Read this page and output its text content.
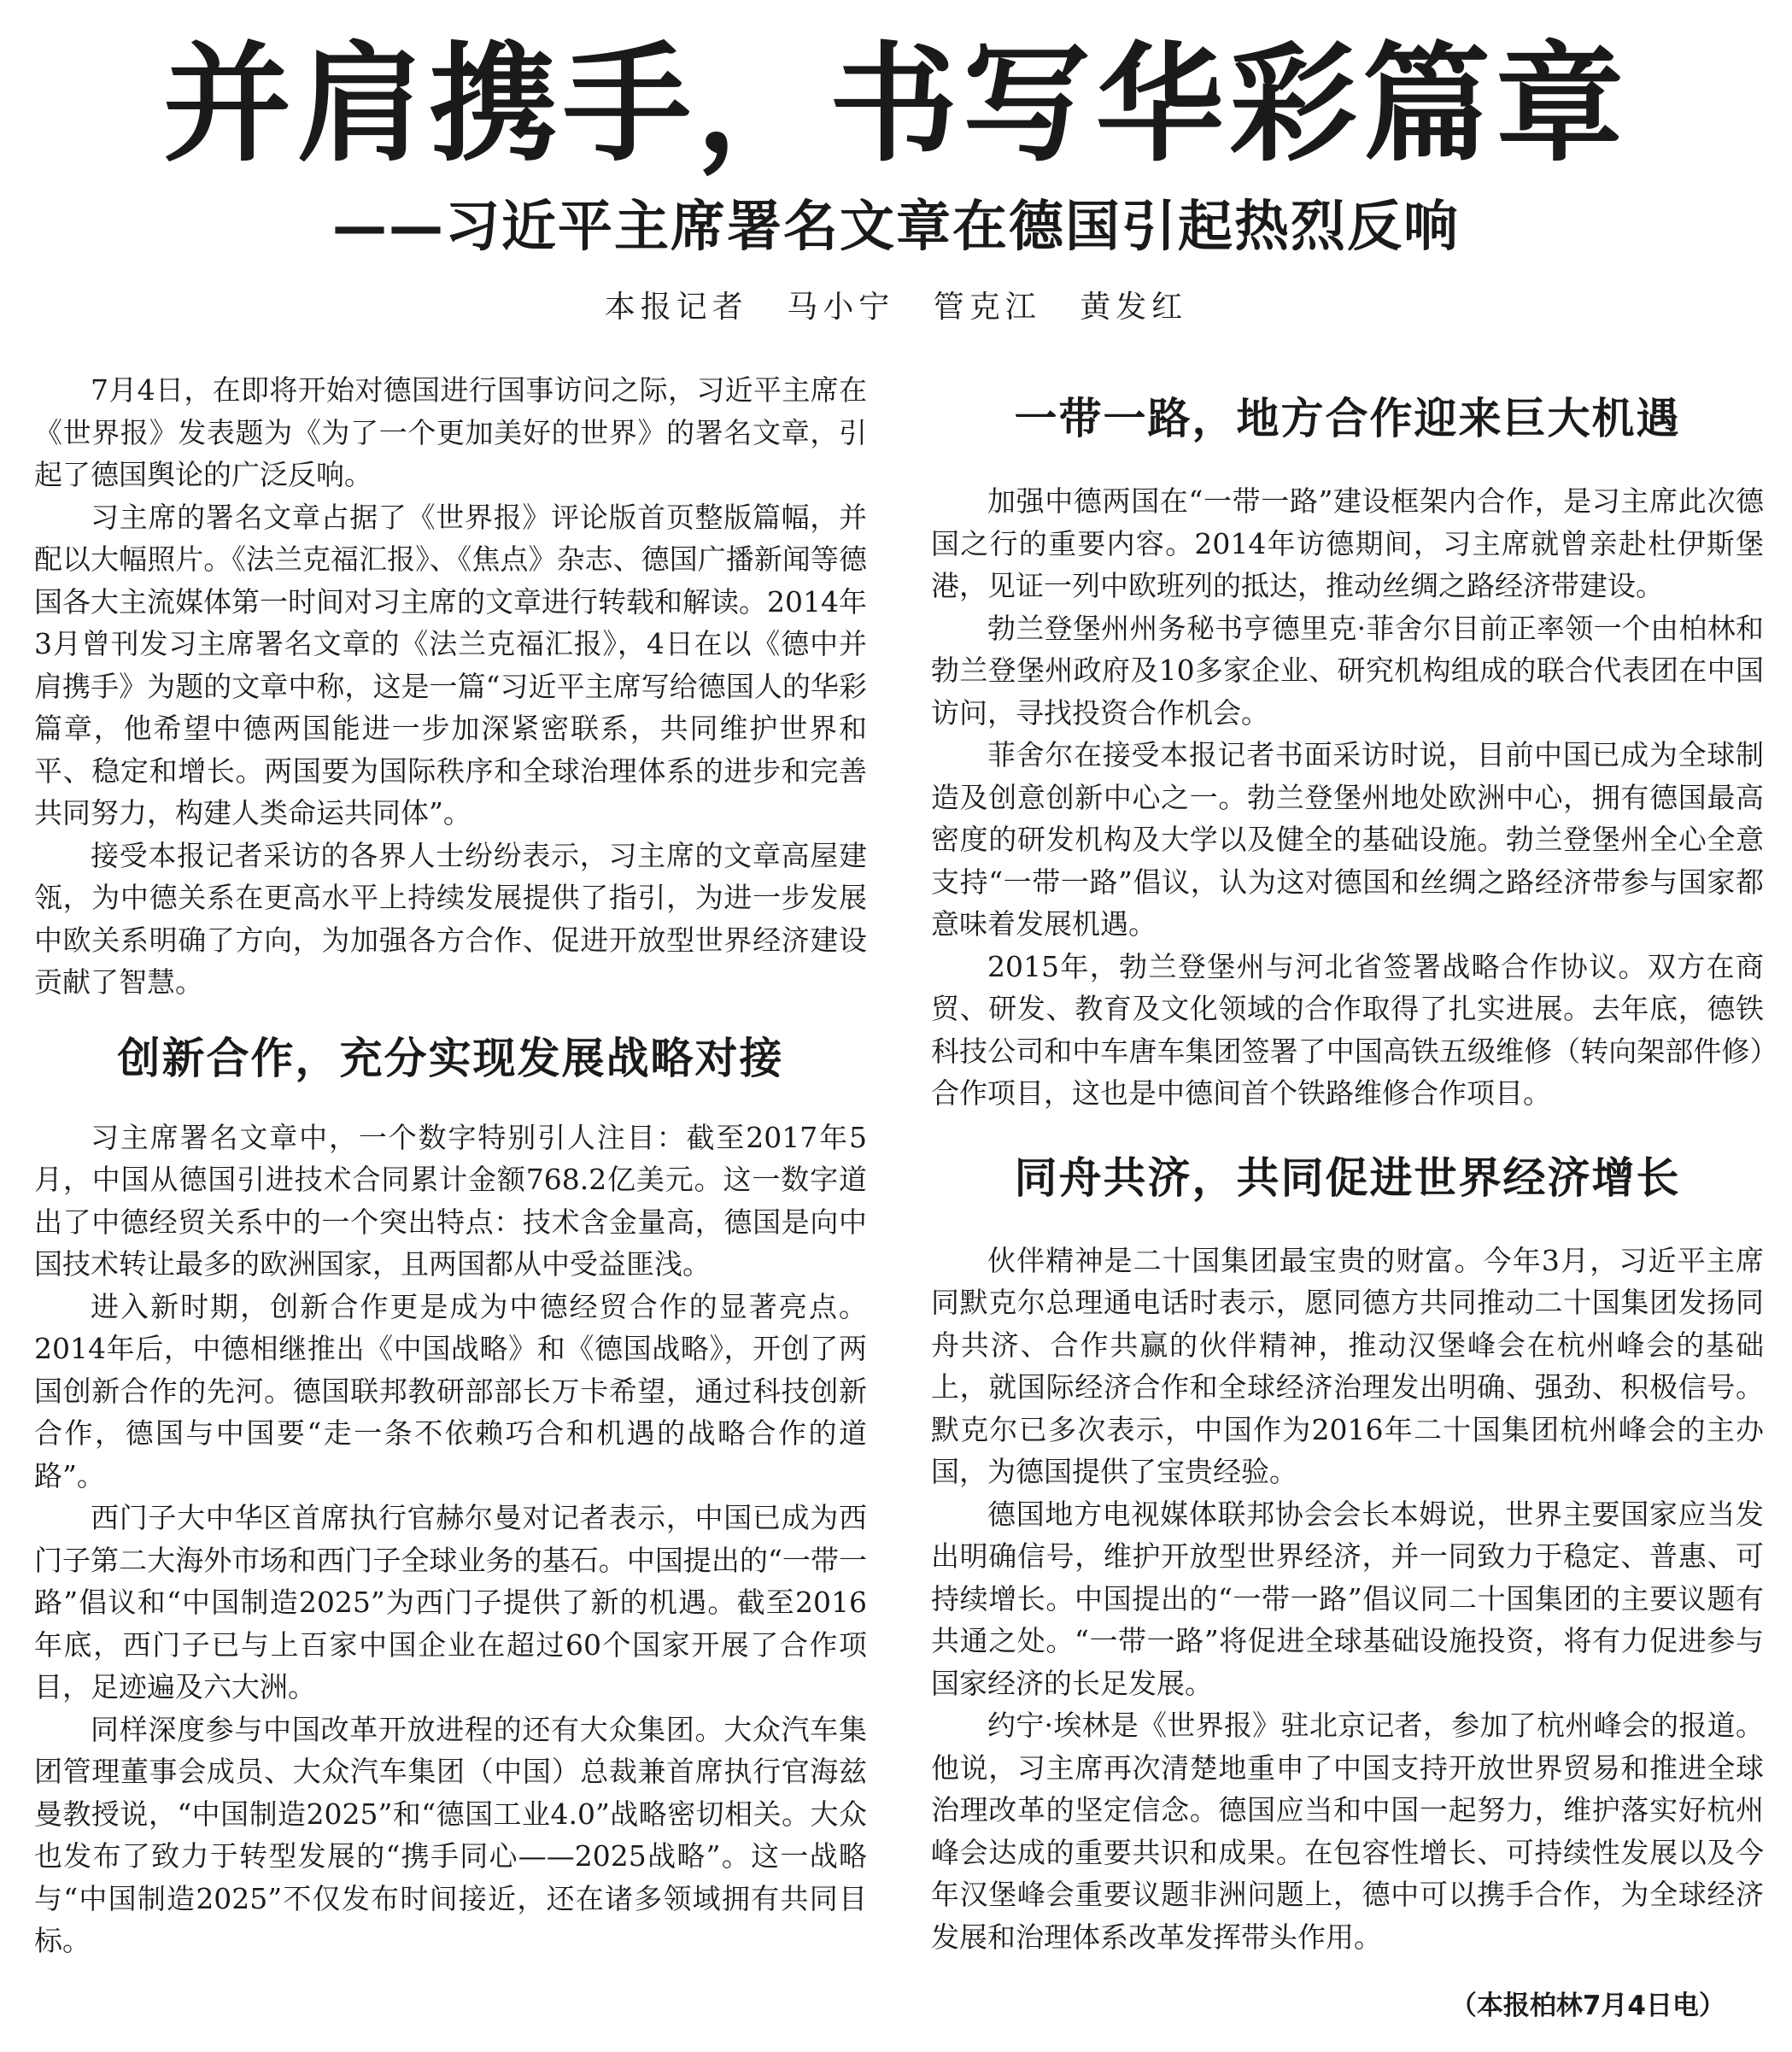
并肩携手，书写华彩篇章
——习近平主席署名文章在德国引起热烈反响
本报记者 马小宁 管克江 黄发红

7月4日，在即将开始对德国进行国事访问之际，习近平主席在《世界报》发表题为《为了一个更加美好的世界》的署名文章，引起了德国舆论的广泛反响。

习主席的署名文章占据了《世界报》评论版首页整版篇幅，并配以大幅照片。《法兰克福汇报》、《焦点》杂志、德国广播新闻等德国各大主流媒体第一时间对习主席的文章进行转载和解读。2014年3月曾刊发习主席署名文章的《法兰克福汇报》，4日在以《德中并肩携手》为题的文章中称，这是一篇“习近平主席写给德国人的华彩篇章，他希望中德两国能进一步加深紧密联系，共同维护世界和平、稳定和增长。两国要为国际秩序和全球治理体系的进步和完善共同努力，构建人类命运共同体”。

接受本报记者采访的各界人士纷纷表示，习主席的文章高屋建瓴，为中德关系在更高水平上持续发展提供了指引，为进一步发展中欧关系明确了方向，为加强各方合作、促进开放型世界经济建设贡献了智慧。

创新合作，充分实现发展战略对接

习主席署名文章中，一个数字特别引人注目：截至2017年5月，中国从德国引进技术合同累计金额768.2亿美元。这一数字道出了中德经贸关系中的一个突出特点：技术含金量高，德国是向中国技术转让最多的欧洲国家，且两国都从中受益匪浅。

进入新时期，创新合作更是成为中德经贸合作的显著亮点。2014年后，中德相继推出《中国战略》和《德国战略》，开创了两国创新合作的先河。德国联邦教研部部长万卡希望，通过科技创新合作，德国与中国要“走一条不依赖巧合和机遇的战略合作的道路”。

西门子大中华区首席执行官赫尔曼对记者表示，中国已成为西门子第二大海外市场和西门子全球业务的基石。中国提出的“一带一路”倡议和“中国制造2025”为西门子提供了新的机遇。截至2016年底，西门子已与上百家中国企业在超过60个国家开展了合作项目，足迹遍及六大洲。

同样深度参与中国改革开放进程的还有大众集团。大众汽车集团管理董事会成员、大众汽车集团（中国）总裁兼首席执行官海兹曼教授说，“中国制造2025”和“德国工业4.0”战略密切相关。大众也发布了致力于转型发展的“携手同心——2025战略”。这一战略与“中国制造2025”不仅发布时间接近，还在诸多领域拥有共同目标。

一带一路，地方合作迎来巨大机遇

加强中德两国在“一带一路”建设框架内合作，是习主席此次德国之行的重要内容。2014年访德期间，习主席就曾亲赴杜伊斯堡港，见证一列中欧班列的抵达，推动丝绸之路经济带建设。

勃兰登堡州州务秘书亨德里克·菲舍尔目前正率领一个由柏林和勃兰登堡州政府及10多家企业、研究机构组成的联合代表团在中国访问，寻找投资合作机会。

菲舍尔在接受本报记者书面采访时说，目前中国已成为全球制造及创意创新中心之一。勃兰登堡州地处欧洲中心，拥有德国最高密度的研发机构及大学以及健全的基础设施。勃兰登堡州全心全意支持“一带一路”倡议，认为这对德国和丝绸之路经济带参与国家都意味着发展机遇。

2015年，勃兰登堡州与河北省签署战略合作协议。双方在商贸、研发、教育及文化领域的合作取得了扎实进展。去年底，德铁科技公司和中车唐车集团签署了中国高铁五级维修（转向架部件修）合作项目，这也是中德间首个铁路维修合作项目。

同舟共济，共同促进世界经济增长

伙伴精神是二十国集团最宝贵的财富。今年3月，习近平主席同默克尔总理通电话时表示，愿同德方共同推动二十国集团发扬同舟共济、合作共赢的伙伴精神，推动汉堡峰会在杭州峰会的基础上，就国际经济合作和全球经济治理发出明确、强劲、积极信号。默克尔已多次表示，中国作为2016年二十国集团杭州峰会的主办国，为德国提供了宝贵经验。

德国地方电视媒体联邦协会会长本姆说，世界主要国家应当发出明确信号，维护开放型世界经济，并一同致力于稳定、普惠、可持续增长。中国提出的“一带一路”倡议同二十国集团的主要议题有共通之处。“一带一路”将促进全球基础设施投资，将有力促进参与国家经济的长足发展。

约宁·埃林是《世界报》驻北京记者，参加了杭州峰会的报道。他说，习主席再次清楚地重申了中国支持开放世界贸易和推进全球治理改革的坚定信念。德国应当和中国一起努力，维护落实好杭州峰会达成的重要共识和成果。在包容性增长、可持续性发展以及今年汉堡峰会重要议题非洲问题上，德中可以携手合作，为全球经济发展和治理体系改革发挥带头作用。

（本报柏林7月4日电）
